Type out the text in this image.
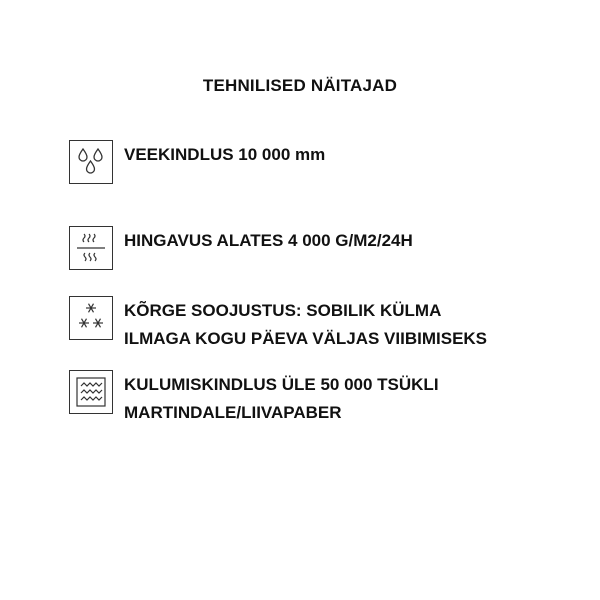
TEHNILISED NÄITAJAD
VEEKINDLUS 10 000 mm
HINGAVUS ALATES 4 000 G/M2/24H
KÕRGE SOOJUSTUS: SOBILIK KÜLMA
ILMAGA KOGU PÄEVA VÄLJAS VIIBIMISEKS
KULUMISKINDLUS ÜLE 50 000 TSÜKLI
MARTINDALE/LIIVAPABER
